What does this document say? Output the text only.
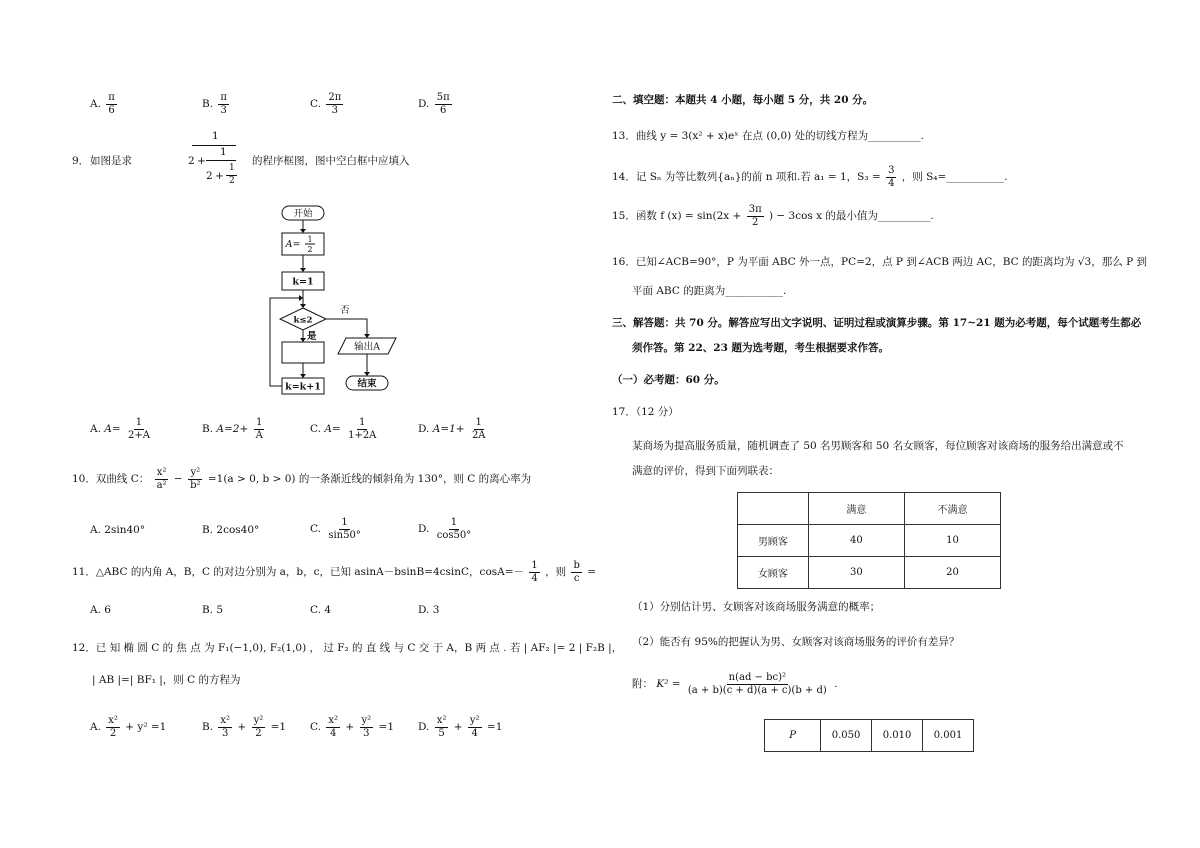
A. $\frac{\pi}{6}$	B. $\frac{\pi}{3}$	C. $\frac{2\pi}{3}$	D. $\frac{5\pi}{6}$
9． 如图是求
1
2 +
1
2 +
1
2
的程序框图，图中空白框中应填入
开始
A= 1
2
k=1
k≤2
否
是
输出A
结束
k=k+1
A. $A= \frac{1}{2+A}$	B. $A=2+ \frac{1}{A}$	C. $A= \frac{1}{1+2A}$	D. $A=1+ \frac{1}{2A}$
10．双曲线 C： $\frac{\text{x²}}{\text{a²}} - \frac{\text{y²}}{\text{b²}} =1(a > 0$, b > 0) 的一条渐近线的倾斜角为 130°，则 C 的离心率为
A. 2sin40°	B. 2cos40°	C. $\frac{1}{\sin 50^\circ}$	D. $\frac{1}{\cos 50^\circ}$
11．△ABC 的内角 A，B，C 的对边分别为 a，b，c，已知 asinA－bsinB=4csinC，$\cos A=- \frac{1}{4}$ ，则 $\frac{b}{c}$ =
A. 6	B. 5	C. 4	D. 3
12．已 知 椭 圆 C 的 焦 点 为 F₁(−1,0), F₂(1,0) ， 过 F₂ 的 直 线 与 C 交 于 A，B 两 点 . 若 | AF₂ |= 2 | F₂B |，
| AB |=| BF₁ |，则 C 的方程为
A. $\frac{\text{x²}}{2} + y^2 =1$	B. $\frac{\text{x²}}{3} + \frac{\text{y²}}{2} =1$ C. $\frac{\text{x²}}{4} + \frac{\text{y²}}{3} =1$ D. $\frac{\text{x²}}{5} + \frac{\text{y²}}{4} =1$
二、填空题：本题共 4 小题，每小题 5 分，共 20 分。
13．曲线 y = 3(x² + x)eˣ 在点 (0,0) 处的切线方程为__________.
14．记 Sₙ 为等比数列{aₙ}的前 n 项和.若 a₁ = 1，$S_3 = \frac{3}{4}$ ，则 S₄=___________.
15．函数 f $(x) = \sin(2x + \frac{3\pi}{2}$ ) − 3cos x 的最小值为__________.
16．已知∠ACB=90°，P 为平面 ABC 外一点，PC=2，点 P 到∠ACB 两边 AC，BC 的距离均为 √3，那么 P 到
平面 ABC 的距离为___________.
三、解答题：共 70 分。解答应写出文字说明、证明过程或演算步骤。第 17~21 题为必考题，每个试题考生都必
须作答。第 22、23 题为选考题，考生根据要求作答。
（一）必考题：60 分。
17．（12 分）
某商场为提高服务质量，随机调查了 50 名男顾客和 50 名女顾客，每位顾客对该商场的服务给出满意或不
满意的评价，得到下面列联表：
	满意	不满意
男顾客	40	10
女顾客	30	20
（1）分别估计男、女顾客对该商场服务满意的概率；
（2）能否有 95%的把握认为男、女顾客对该商场服务的评价有差异？
附： $K^2 = \frac{\text{n(ad − bc)²}}{(a + b)(c + d)(a + c)(b + d)}$ .
P	0.050	0.010	0.001
